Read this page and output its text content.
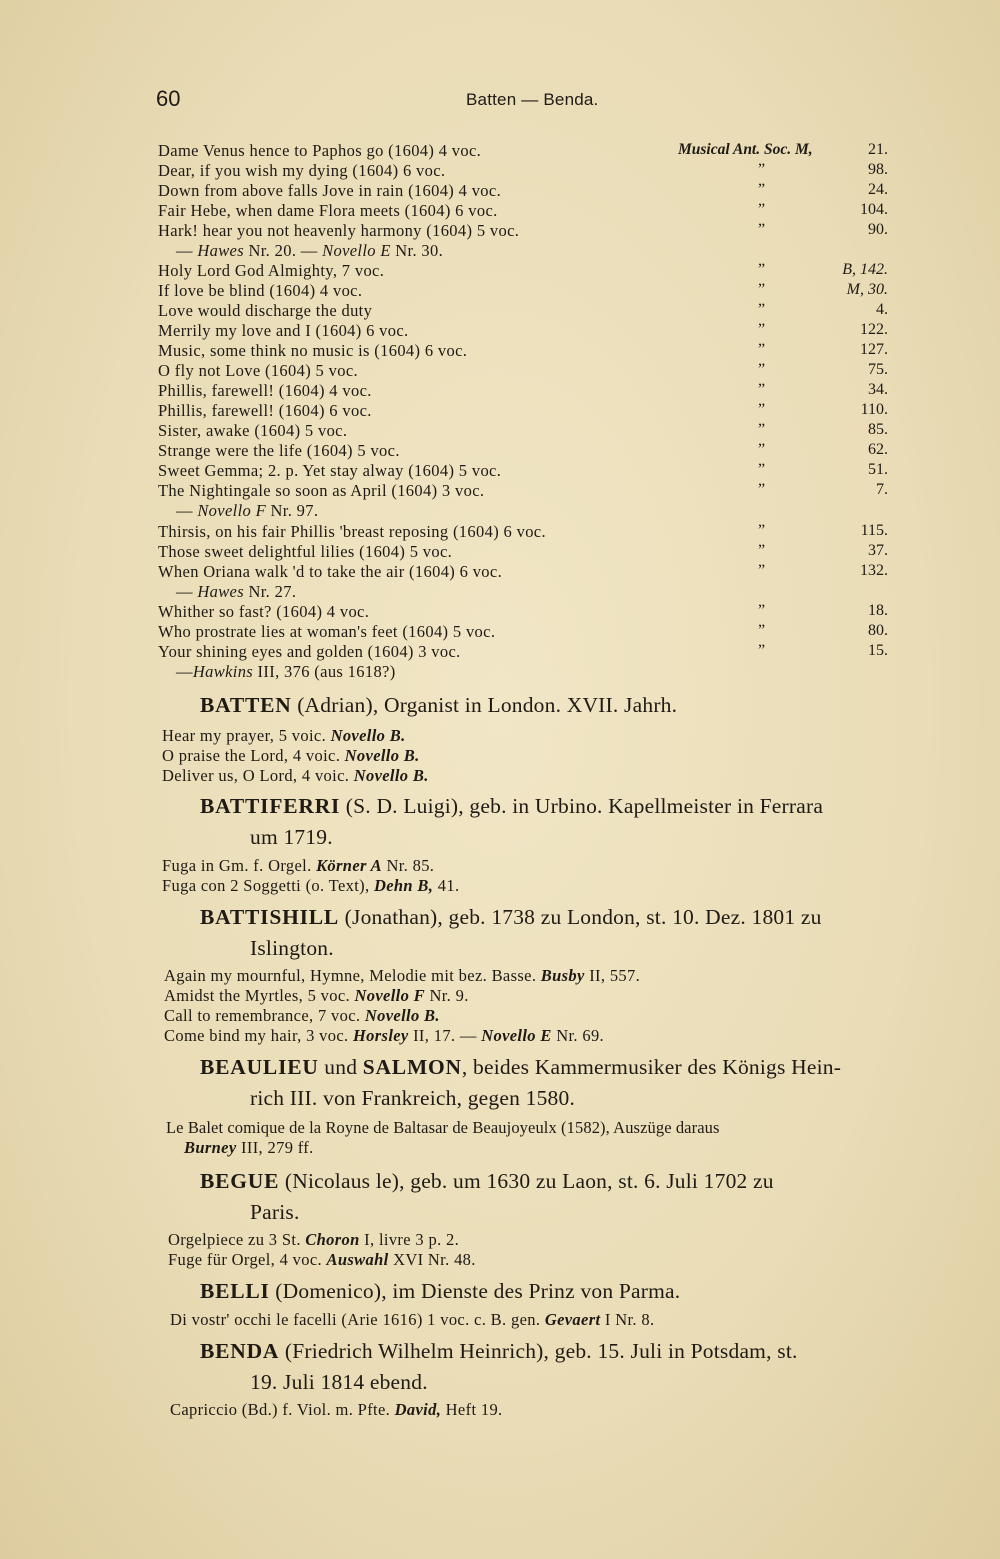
60	Batten — Benda.
Dame Venus hence to Paphos go (1604) 4 voc.	Musical Ant. Soc. M,	21.
Dear, if you wish my dying (1604) 6 voc.	”	98.
Down from above falls Jove in rain (1604) 4 voc.	”	24.
Fair Hebe, when dame Flora meets (1604) 6 voc.	”	104.
Hark! hear you not heavenly harmony (1604) 5 voc.	”	90.
— Hawes Nr. 20. — Novello E Nr. 30.
Holy Lord God Almighty, 7 voc.	”	B, 142.
If love be blind (1604) 4 voc.	”	M, 30.
Love would discharge the duty	”	4.
Merrily my love and I (1604) 6 voc.	”	122.
Music, some think no music is (1604) 6 voc.	”	127.
O fly not Love (1604) 5 voc.	”	75.
Phillis, farewell! (1604) 4 voc.	”	34.
Phillis, farewell! (1604) 6 voc.	”	110.
Sister, awake (1604) 5 voc.	”	85.
Strange were the life (1604) 5 voc.	”	62.
Sweet Gemma; 2. p. Yet stay alway (1604) 5 voc.	”	51.
The Nightingale so soon as April (1604) 3 voc.	”	7.
— Novello F Nr. 97.
Thirsis, on his fair Phillis 'breast reposing (1604) 6 voc.	”	115.
Those sweet delightful lilies (1604) 5 voc.	”	37.
When Oriana walk 'd to take the air (1604) 6 voc.	”	132.
— Hawes Nr. 27.
Whither so fast? (1604) 4 voc.	”	18.
Who prostrate lies at woman's feet (1604) 5 voc.	”	80.
Your shining eyes and golden (1604) 3 voc.	”	15.
—Hawkins III, 376 (aus 1618?)
BATTEN (Adrian), Organist in London. XVII. Jahrh.
Hear my prayer, 5 voic. Novello B.
O praise the Lord, 4 voic. Novello B.
Deliver us, O Lord, 4 voic. Novello B.
BATTIFERRI (S. D. Luigi), geb. in Urbino. Kapellmeister in Ferrara
um 1719.
Fuga in Gm. f. Orgel. Körner A Nr. 85.
Fuga con 2 Soggetti (o. Text), Dehn B, 41.
BATTISHILL (Jonathan), geb. 1738 zu London, st. 10. Dez. 1801 zu
Islington.
Again my mournful, Hymne, Melodie mit bez. Basse. Busby II, 557.
Amidst the Myrtles, 5 voc. Novello F Nr. 9.
Call to remembrance, 7 voc. Novello B.
Come bind my hair, 3 voc. Horsley II, 17. — Novello E Nr. 69.
BEAULIEU und SALMON, beides Kammermusiker des Königs Hein-
rich III. von Frankreich, gegen 1580.
Le Balet comique de la Royne de Baltasar de Beaujoyeulx (1582), Auszüge daraus
Burney III, 279 ff.
BEGUE (Nicolaus le), geb. um 1630 zu Laon, st. 6. Juli 1702 zu
Paris.
Orgelpiece zu 3 St. Choron I, livre 3 p. 2.
Fuge für Orgel, 4 voc. Auswahl XVI Nr. 48.
BELLI (Domenico), im Dienste des Prinz von Parma.
Di vostr' occhi le facelli (Arie 1616) 1 voc. c. B. gen. Gevaert I Nr. 8.
BENDA (Friedrich Wilhelm Heinrich), geb. 15. Juli in Potsdam, st.
19. Juli 1814 ebend.
Capriccio (Bd.) f. Viol. m. Pfte. David, Heft 19.
